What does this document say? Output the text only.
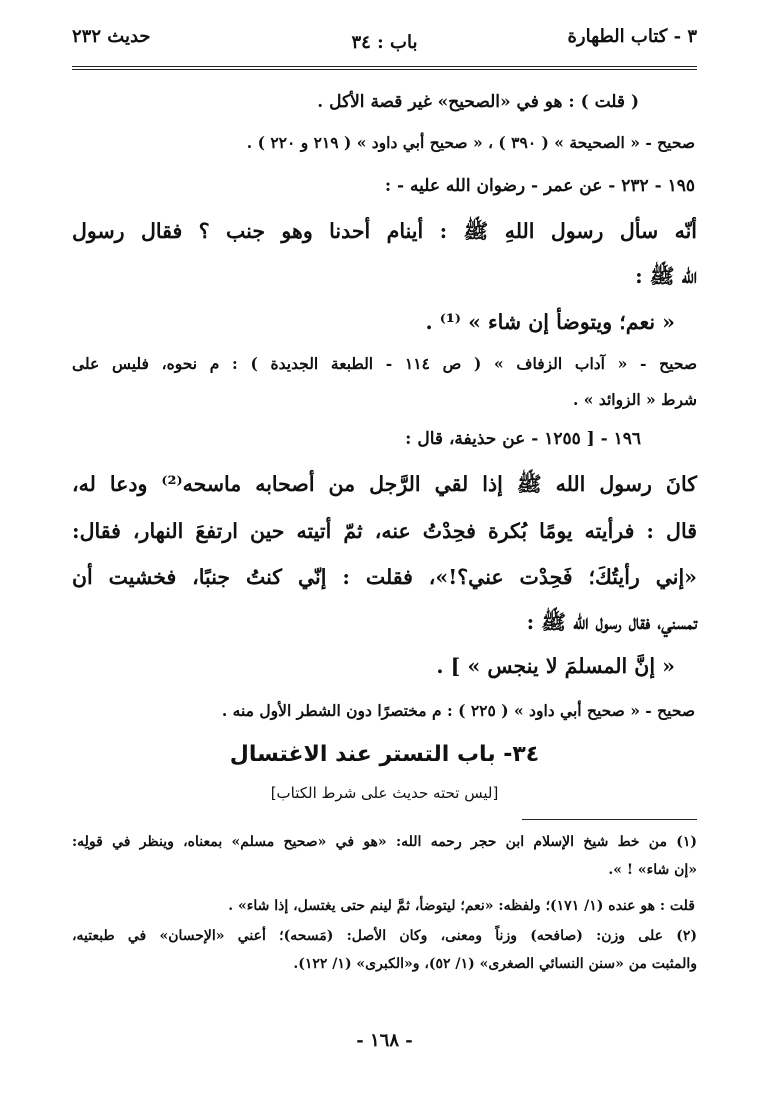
٣ - كتاب الطهارة
باب : ٣٤
حديث ٢٣٢
( قلت ) : هو في «الصحيح» غير قصة الأكل .
صحيح - « الصحيحة » ( ٣٩٠ ) ، « صحيح أبي داود » ( ٢١٩ و ٢٢٠ ) .
١٩٥ - ٢٣٢ - عن عمر - رضوان الله عليه - :
أنّه سأل رسول اللهِ ﷺ : أينام أحدنا وهو جنب ؟ فقال رسول
الله ﷺ :
« نعم؛ ويتوضأ إن شاء » ⁽¹⁾ .
صحيح - « آداب الزفاف » ( ص ١١٤ - الطبعة الجديدة ) : م نحوه، فليس على
شرط « الزوائد » .
١٩٦ - [ ١٢٥٥ - عن حذيفة، قال :
كانَ رسول الله ﷺ إذا لقي الرَّجل من أصحابه ماسحه⁽²⁾ ودعا له،
قال : فرأيته يومًا بُكرة فحِدْتُ عنه، ثمّ أتيته حين ارتفعَ النهار، فقال:
«إني رأيتُكَ؛ فَحِدْت عني؟!»، فقلت : إنّي كنتُ جنبًا، فخشيت أن
تمسني، فقال رسول الله ﷺ :
« إنَّ المسلمَ لا ينجس » ] .
صحيح - « صحيح أبي داود » ( ٢٢٥ ) : م مختصرًا دون الشطر الأول منه .
٣٤- باب التستر عند الاغتسال
[ليس تحته حديث على شرط الكتاب]
(١) من خط شيخ الإسلام ابن حجر رحمه الله: «هو في «صحيح مسلم» بمعناه، وينظر في قولِه:
«إن شاء» ! ».
قلت : هو عنده (١/ ١٧١)؛ ولفظه: «نعم؛ ليتوضأ، ثمَّ لينم حتى يغتسل، إذا شاء» .
(٢) على وزن: (صافحه) وزناً ومعنى، وكان الأصل: (مَسحه)؛ أعني «الإحسان» في طبعتيه،
والمثبت من «سنن النسائي الصغرى» (١/ ٥٢)، و«الكبرى» (١/ ١٢٢).
- ١٦٨ -
